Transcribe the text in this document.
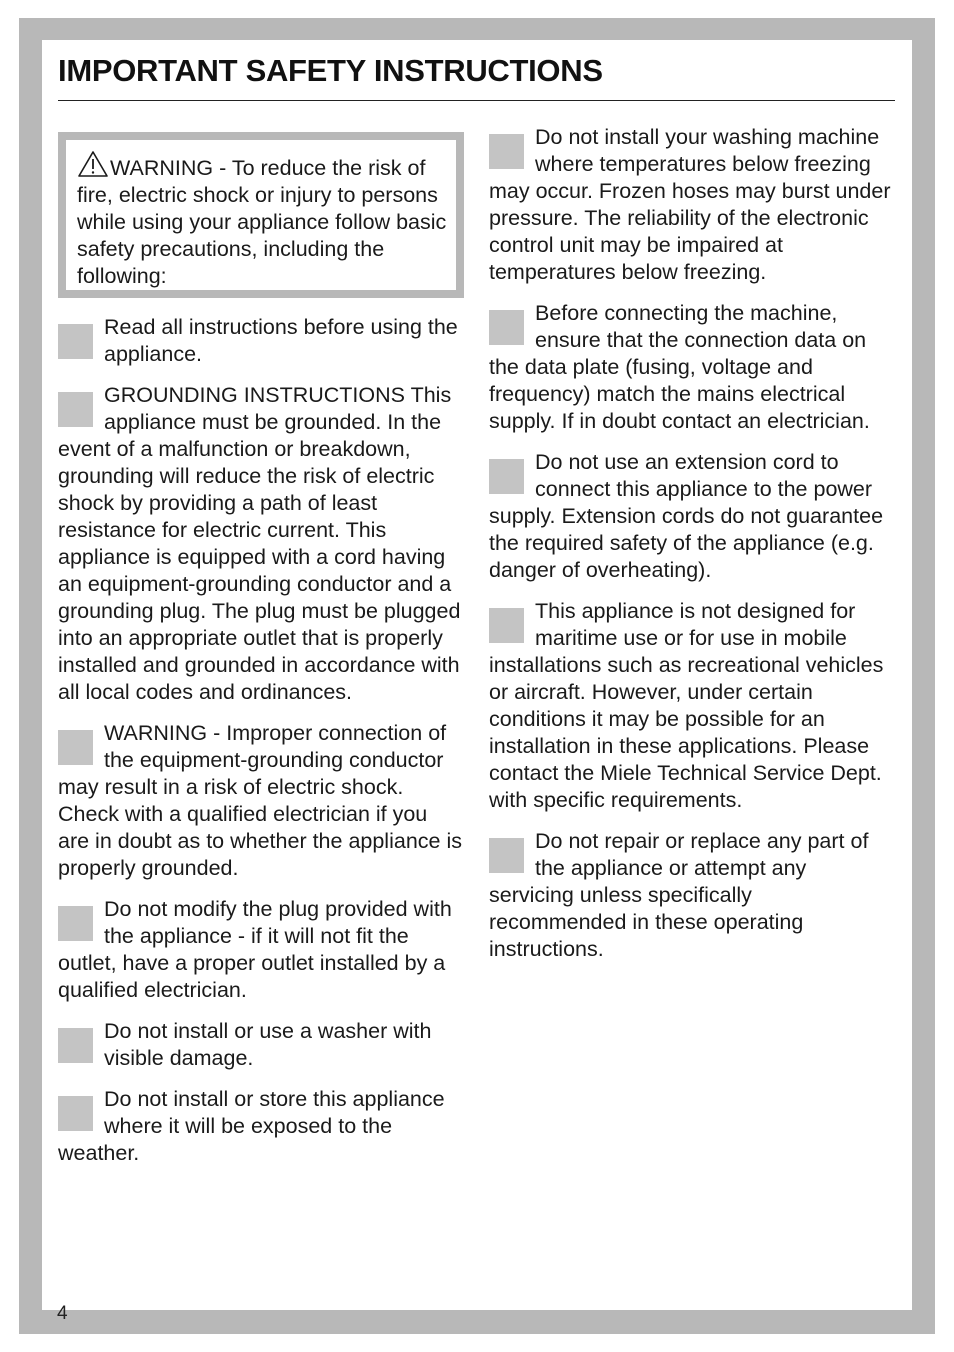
IMPORTANT SAFETY INSTRUCTIONS
WARNING - To reduce the risk of fire, electric shock or injury to persons while using your appliance follow basic safety precautions, including the following:

Read all instructions before using the appliance.

GROUNDING INSTRUCTIONS This appliance must be grounded. In the event of a malfunction or breakdown, grounding will reduce the risk of electric shock by providing a path of least resistance for electric current. This appliance is equipped with a cord having an equipment-grounding conductor and a grounding plug. The plug must be plugged into an appropriate outlet that is properly installed and grounded in accordance with all local codes and ordinances.

WARNING - Improper connection of the equipment-grounding conductor may result in a risk of electric shock. Check with a qualified electrician if you are in doubt as to whether the appliance is properly grounded.

Do not modify the plug provided with the appliance - if it will not fit the outlet, have a proper outlet installed by a qualified electrician.

Do not install or use a washer with visible damage.

Do not install or store this appliance where it will be exposed to the weather.

Do not install your washing machine where temperatures below freezing may occur. Frozen hoses may burst under pressure. The reliability of the electronic control unit may be impaired at temperatures below freezing.

Before connecting the machine, ensure that the connection data on the data plate (fusing, voltage and frequency) match the mains electrical supply. If in doubt contact an electrician.

Do not use an extension cord to connect this appliance to the power supply. Extension cords do not guarantee the required safety of the appliance (e.g. danger of overheating).

This appliance is not designed for maritime use or for use in mobile installations such as recreational vehicles or aircraft. However, under certain conditions it may be possible for an installation in these applications. Please contact the Miele Technical Service Dept. with specific requirements.

Do not repair or replace any part of the appliance or attempt any servicing unless specifically recommended in these operating instructions.

4
